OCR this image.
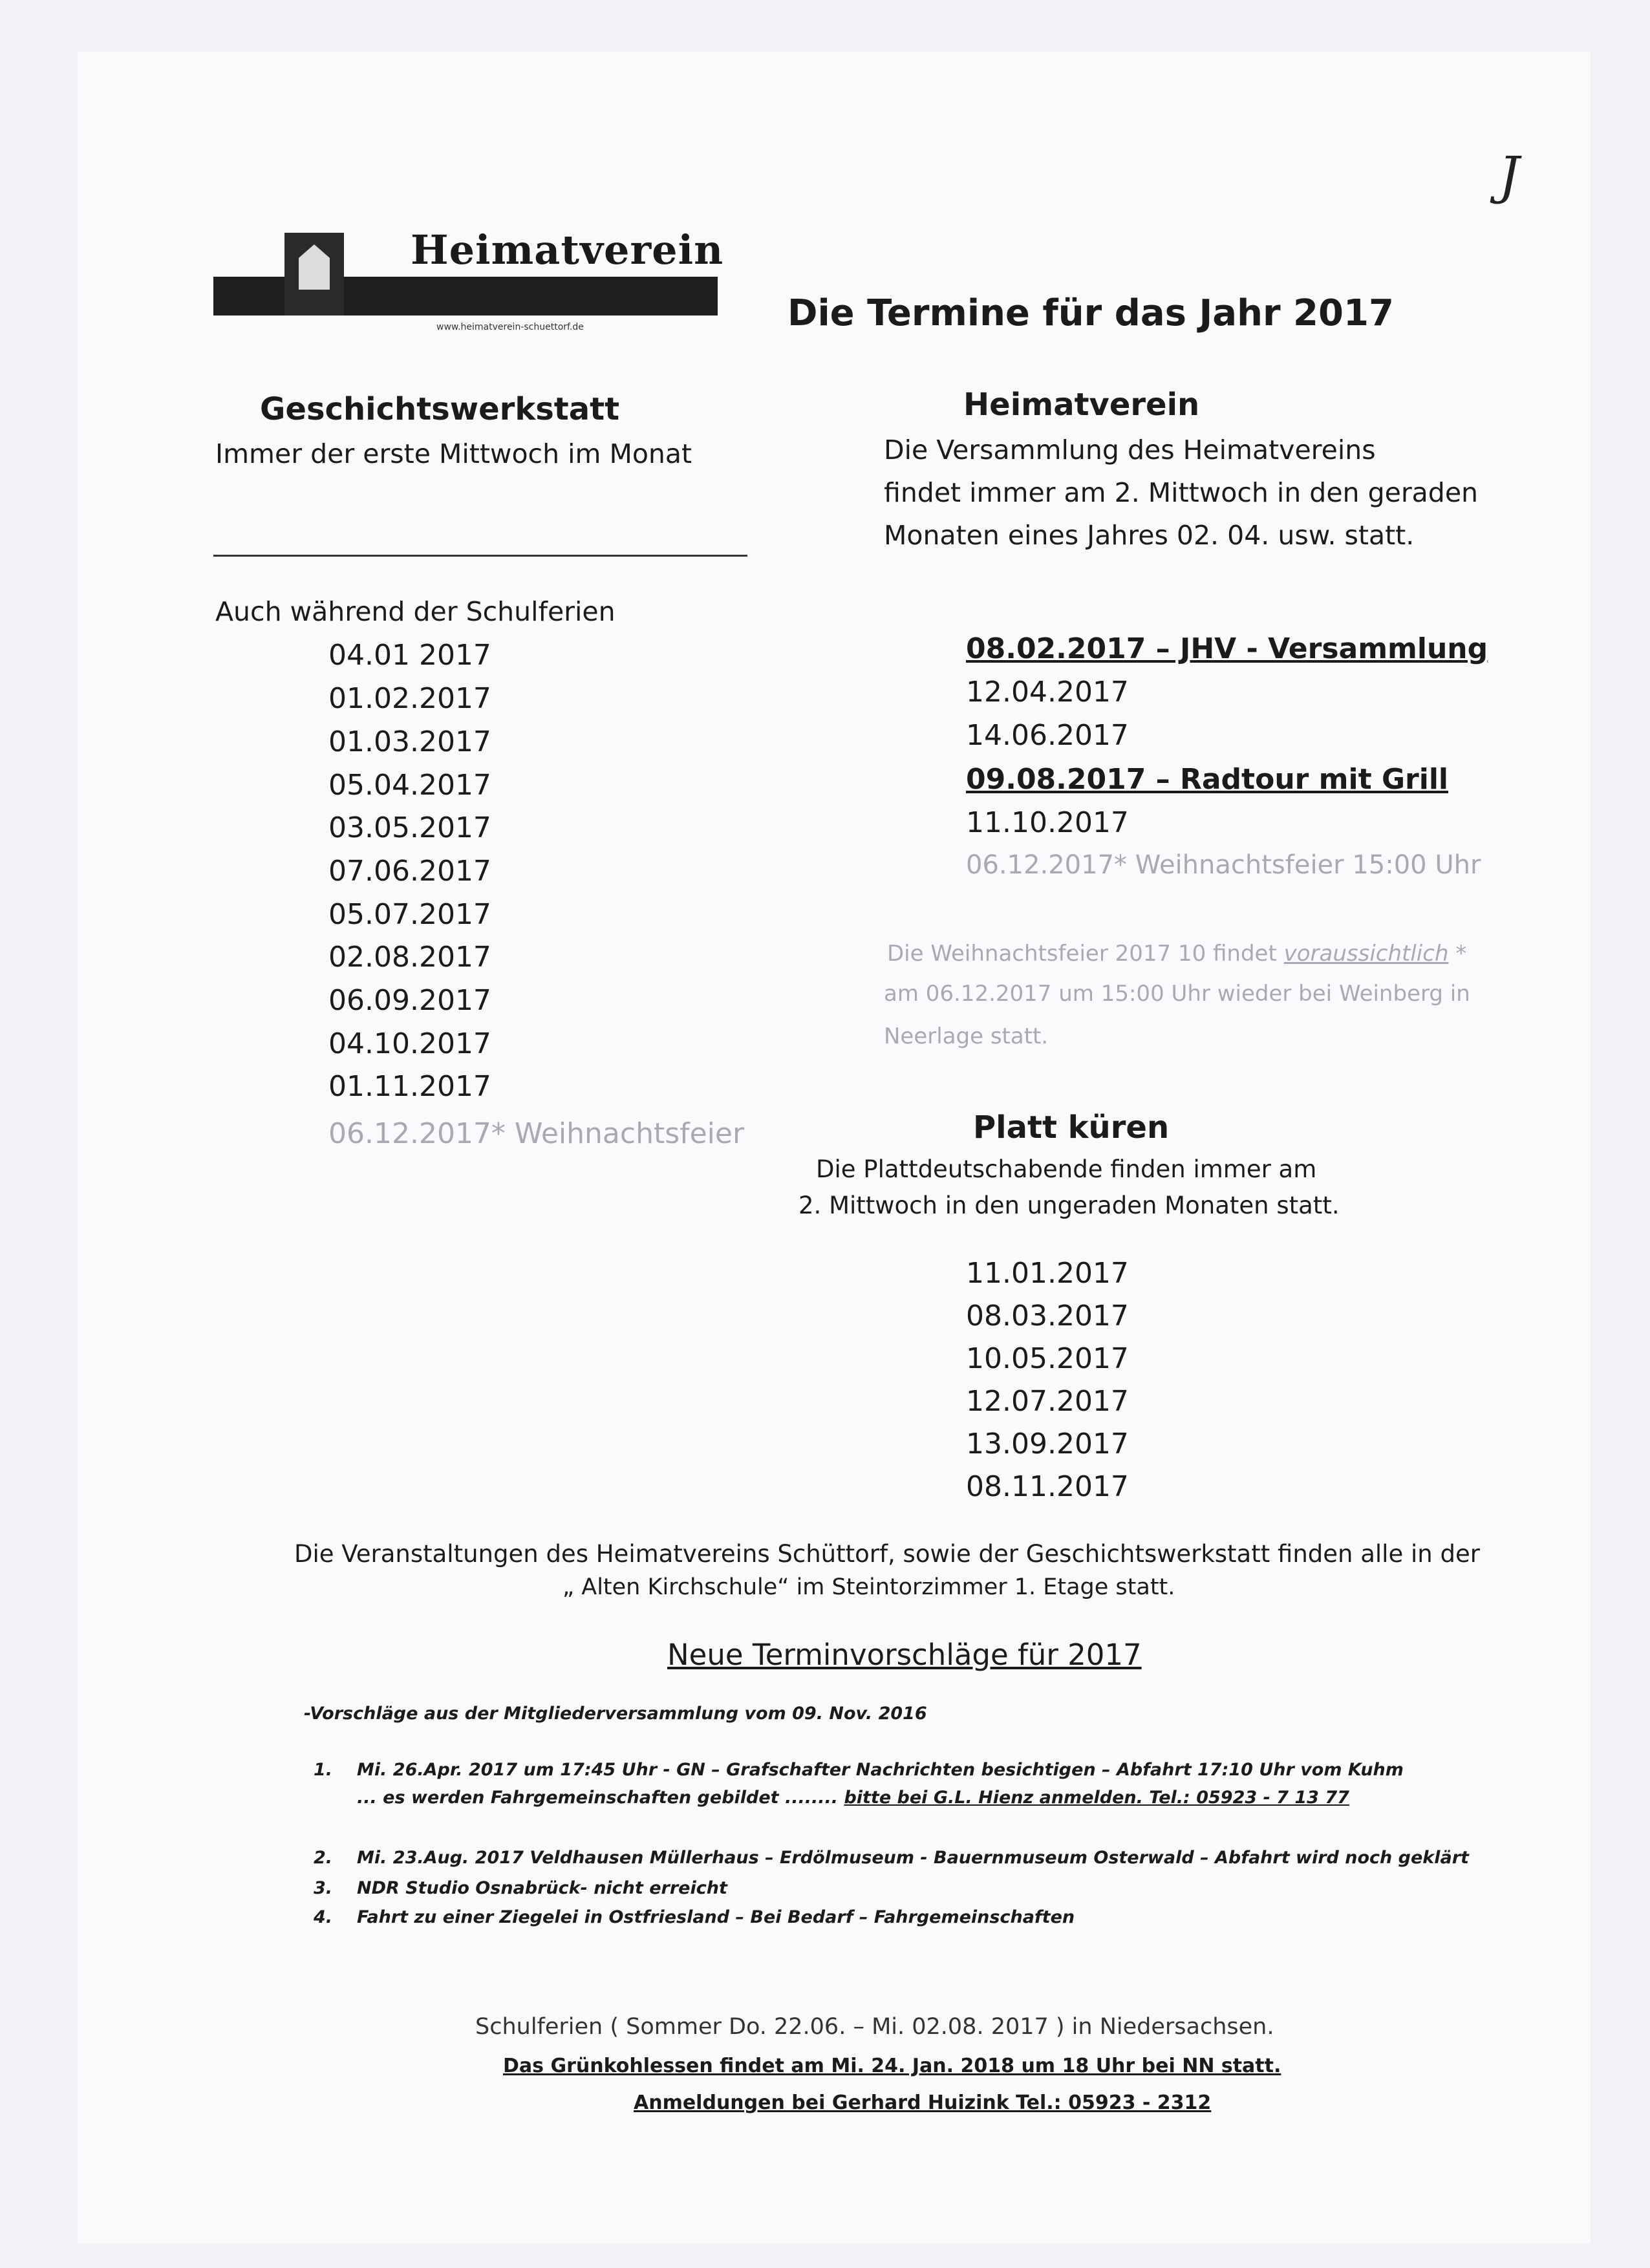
J
Heimatverein
www.heimatverein-schuettorf.de	Die Termine für das Jahr 2017
Geschichtswerkstatt
Immer der erste Mittwoch im Monat
Auch während der Schulferien
04.01 2017
01.02.2017
01.03.2017
05.04.2017
03.05.2017
07.06.2017
05.07.2017
02.08.2017
06.09.2017
04.10.2017
01.11.2017
06.12.2017* Weihnachtsfeier
Heimatverein
Die Versammlung des Heimatvereins
findet immer am 2. Mittwoch in den geraden
Monaten eines Jahres 02. 04. usw. statt.
08.02.2017 – JHV - Versammlung
12.04.2017
14.06.2017
09.08.2017 – Radtour mit Grill
11.10.2017
06.12.2017* Weihnachtsfeier 15:00 Uhr
Die Weihnachtsfeier 2017 10 findet voraussichtlich *
am 06.12.2017 um 15:00 Uhr wieder bei Weinberg in
Neerlage statt.
Platt küren
Die Plattdeutschabende finden immer am
2. Mittwoch in den ungeraden Monaten statt.
11.01.2017
08.03.2017
10.05.2017
12.07.2017
13.09.2017
08.11.2017
Die Veranstaltungen des Heimatvereins Schüttorf, sowie der Geschichtswerkstatt finden alle in der
„ Alten Kirchschule“ im Steintorzimmer 1. Etage statt.
Neue Terminvorschläge für 2017
-Vorschläge aus der Mitgliederversammlung vom 09. Nov. 2016
1. Mi. 26.Apr. 2017 um 17:45 Uhr - GN – Grafschafter Nachrichten besichtigen – Abfahrt 17:10 Uhr vom Kuhm
... es werden Fahrgemeinschaften gebildet ........ bitte bei G.L. Hienz anmelden. Tel.: 05923 - 7 13 77
2. Mi. 23.Aug. 2017 Veldhausen Müllerhaus – Erdölmuseum - Bauernmuseum Osterwald – Abfahrt wird noch geklärt
3. NDR Studio Osnabrück- nicht erreicht
4. Fahrt zu einer Ziegelei in Ostfriesland – Bei Bedarf – Fahrgemeinschaften
Schulferien ( Sommer Do. 22.06. – Mi. 02.08. 2017 ) in Niedersachsen.
Das Grünkohlessen findet am Mi. 24. Jan. 2018 um 18 Uhr bei NN statt.
Anmeldungen bei Gerhard Huizink Tel.: 05923 - 2312
